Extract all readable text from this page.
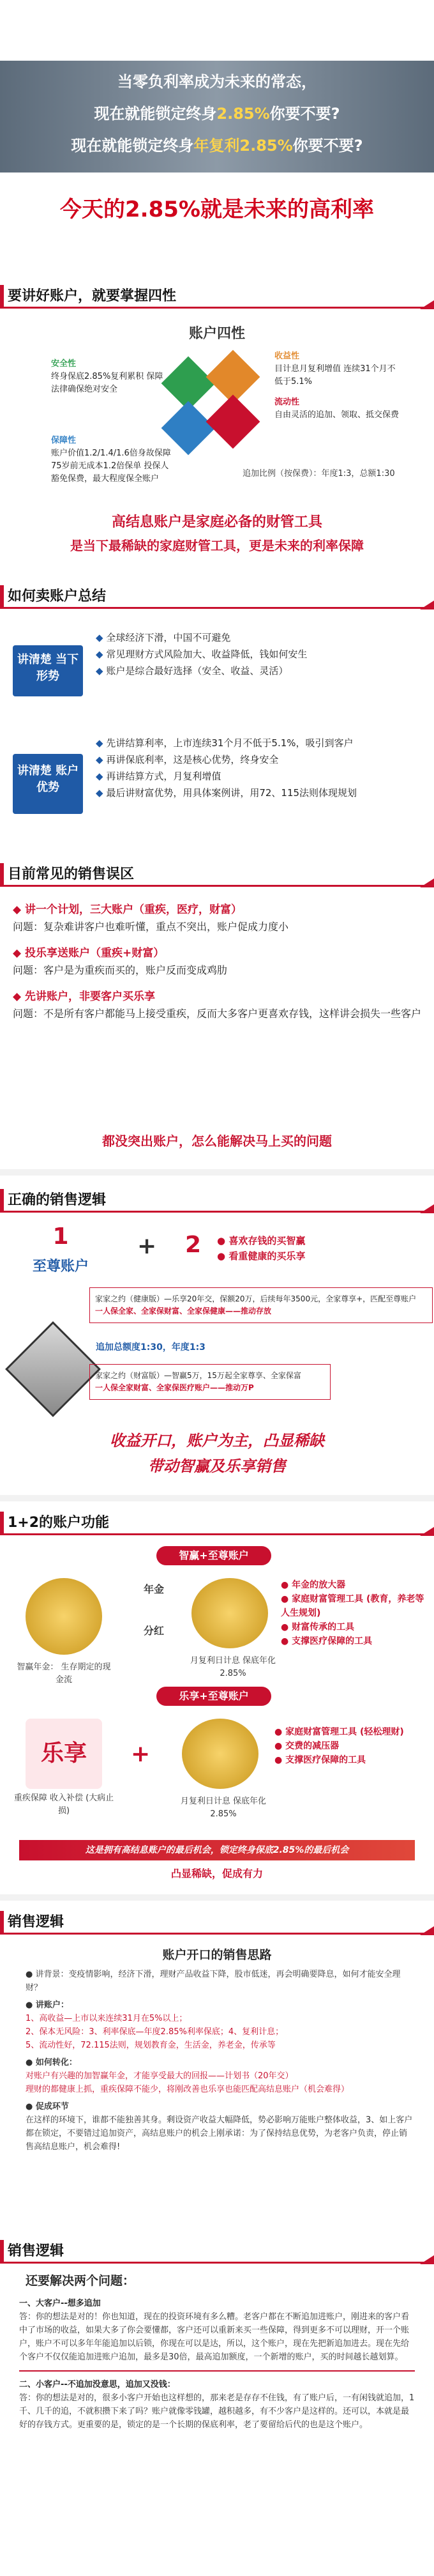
当零负利率成为未来的常态，
现在就能锁定终身2.85%你要不要?
现在就能锁定终身年复利2.85%你要不要?
今天的2.85%就是未来的高利率
要讲好账户，就要掌握四性
账户四性
安全性
终身保底2.85%复利累积 保障法律确保绝对安全
收益性
目计息月复利增值 连续31个月不低于5.1%
流动性
自由灵活的追加、领取、抵交保费
保障性
账户价值1.2/1.4/1.6倍身故保障 75岁前无成本1.2倍保单 投保人豁免保费，最大程度保全账户
追加比例（按保费）：年度1:3，总额1:30
高结息账户是家庭必备的财管工具
是当下最稀缺的家庭财管工具，更是未来的利率保障
如何卖账户总结
讲清楚 当下形势
◆ 全球经济下滑，中国不可避免
◆ 常见理财方式风险加大、收益降低，钱如何安生
◆ 账户是综合最好选择（安全、收益、灵活）
讲清楚 账户优势
◆ 先讲结算利率，上市连续31个月不低于5.1%，吸引到客户
◆ 再讲保底利率，这是核心优势，终身安全
◆ 再讲结算方式，月复利增值
◆ 最后讲财富优势，用具体案例讲，用72、115法则体现规划
目前常见的销售误区
◆ 讲一个计划，三大账户（重疾，医疗，财富）
问题：复杂难讲客户也难听懂，重点不突出，账户促成力度小
◆ 投乐享送账户（重疾+财富）
问题：客户是为重疾而买的，账户反而变成鸡肋
◆ 先讲账户，非要客户买乐享
问题：不是所有客户都能马上接受重疾，反而大多客户更喜欢存钱，这样讲会损失一些客户
都没突出账户，怎么能解决马上买的问题
正确的销售逻辑
1
至尊账户
+ 2 ● 喜欢存钱的买智赢
● 看重健康的买乐享
家家之约（健康版）—乐享20年交，保额20万，后续每年3500元，全家尊享+，匹配至尊账户
一人保全家、全家保财富、全家保健康——推动存放
追加总额度1:30，年度1:3
家家之约（财富版）—智赢5万，15万起全家尊享、全家保富
一人保全家财富、全家保医疗账户——推动万P
收益开口，账户为主，凸显稀缺
带动智赢及乐享销售
1+2的账户功能
智赢+至尊账户
智赢年金： 生存期定的现金流
年金
分红
月复利日计息 保底年化2.85%
● 年金的放大器
● 家庭财富管理工具 (教育，养老等人生规划)
● 财富传承的工具
● 支撑医疗保障的工具
乐享+至尊账户
乐享
重疾保障 收入补偿 (大病止损)
+
月复利日计息 保底年化2.85%
● 家庭财富管理工具 (轻松理财)
● 交费的减压器
● 支撑医疗保障的工具
这是拥有高结息账户的最后机会，锁定终身保底2.85%的最后机会
凸显稀缺，促成有力
销售逻辑
账户开口的销售思路
● 讲背景：变疫情影响，经济下滑，理财产品收益下降，股市低迷，再会明确要降息，如何才能安全理财？
● 讲账户：
1、高收益—上市以来连续31月在5%以上；
2、保本无风险：3、利率保底—年度2.85%利率保底；4、复利计息；
5、流动性好，72.115法则，规划教育金，生活金，养老金，传承等
● 如何转化：
对账户有兴趣的加智赢年金，才能享受最大的回报——计划书（20年交）
理财的都健康上抓，重疾保障不能少，将刚改善也乐享也能匹配高结息账户（机会难得）
● 促成环节
在这样的环境下，谁都不能独善其身。剩设资产收益大幅降低，势必影响万能账户整体收益，3、如上客户都在锁定，不要错过追加资产，高结息账户的机会上刚承诺：为了保持结息优势，为老客户负责，停止销售高结息账户，机会难得!
销售逻辑
还要解决两个问题：
一、大客户--想多追加
答：你的想法是对的！你也知道，现在的投资环境有多么糟。老客户都在不断追加进账户，刚进来的客户看中了市场的收益，如果大多了你会要懂都，客户还可以重新来买一些保障，得到更多不可以理财，开一个账户，账户不可以多年年能追加以后锁，你现在可以是达，所以，这个账户，现在先把新追加进去。现在先给个客户不仅仅能追加进账户追加，最多是30倍，最高追加额度，一个新增的账户，买的时间越长越划算。
二、小客户--不追加没意思，追加又没钱：
答：你的想法是对的，很多小客户开始也这样想的，那来老是存存不住钱，有了账户后，一有闲钱就追加，1 千、几千的追，不就积攒下来了吗？账户就像零钱罐，越积越多，有不少客户是这样的。还可以，本就是最好的存钱方式。更重要的是，锁定的是一个长期的保底利率，老了要留给后代的也是这个账户。
